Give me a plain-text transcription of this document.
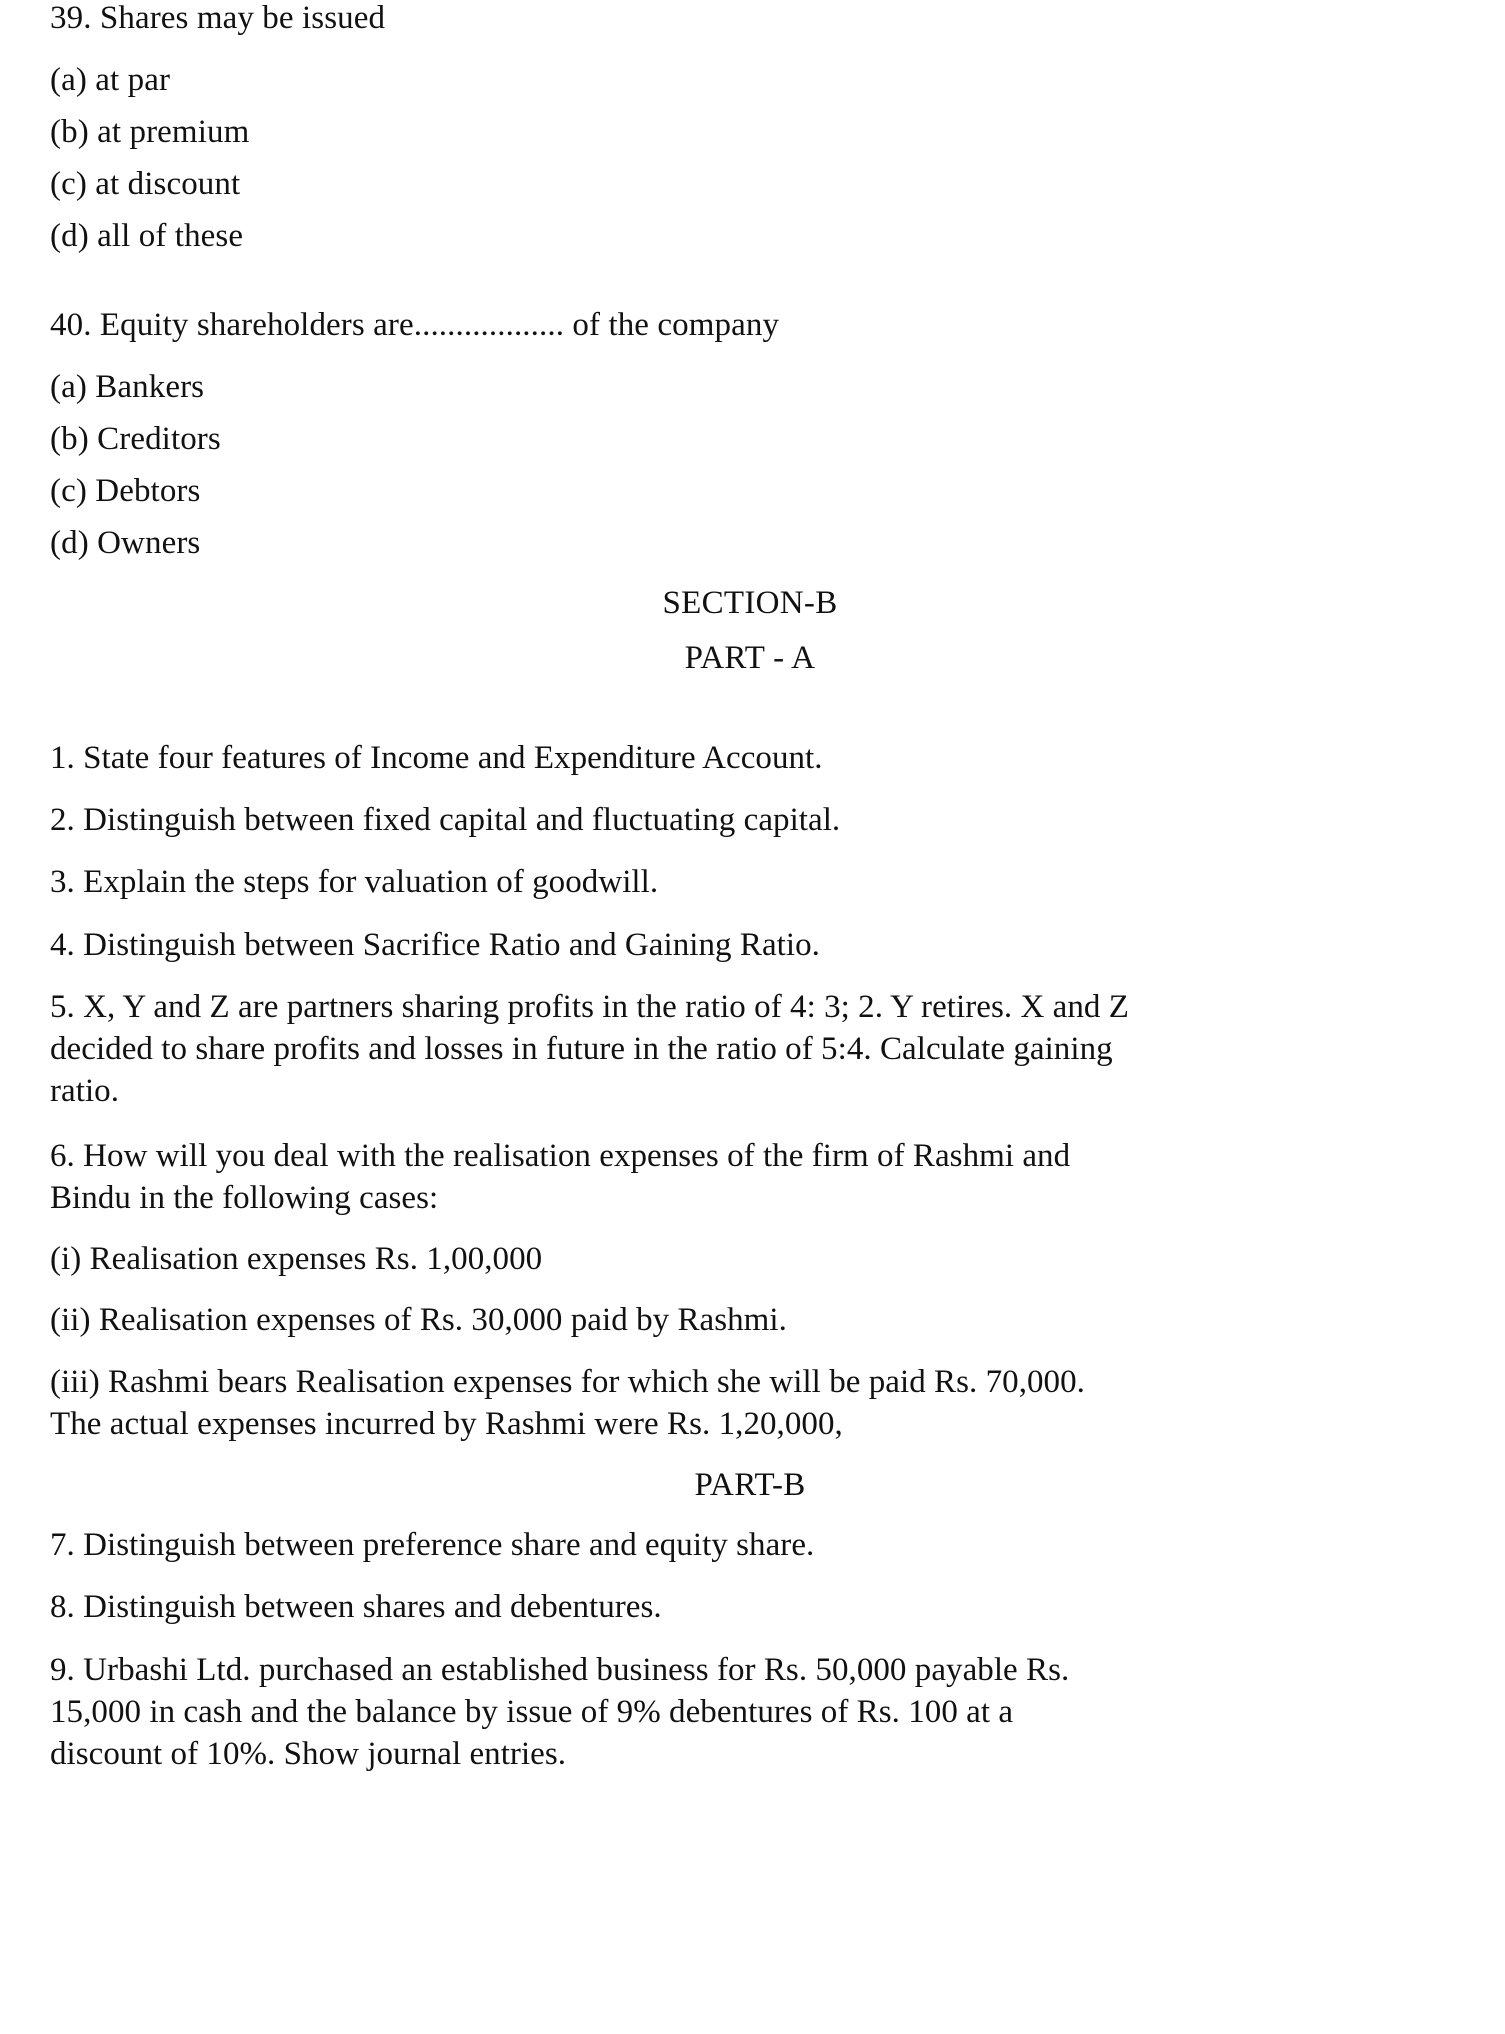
39. Shares may be issued

(a) at par

(b) at premium

(c) at discount

(d) all of these

40. Equity shareholders are.................. of the company

(a) Bankers

(b) Creditors

(c) Debtors

(d) Owners

SECTION-B

PART - A

1. State four features of Income and Expenditure Account.

2. Distinguish between fixed capital and fluctuating capital.

3. Explain the steps for valuation of goodwill.

4. Distinguish between Sacrifice Ratio and Gaining Ratio.

5. X, Y and Z are partners sharing profits in the ratio of 4: 3; 2. Y retires. X and Z decided to share profits and losses in future in the ratio of 5:4. Calculate gaining ratio.

6. How will you deal with the realisation expenses of the firm of Rashmi and Bindu in the following cases:

(i) Realisation expenses Rs. 1,00,000

(ii) Realisation expenses of Rs. 30,000 paid by Rashmi.

(iii) Rashmi bears Realisation expenses for which she will be paid Rs. 70,000. The actual expenses incurred by Rashmi were Rs. 1,20,000,

PART-B

7. Distinguish between preference share and equity share.

8. Distinguish between shares and debentures.

9. Urbashi Ltd. purchased an established business for Rs. 50,000 payable Rs. 15,000 in cash and the balance by issue of 9% debentures of Rs. 100 at a discount of 10%. Show journal entries.
